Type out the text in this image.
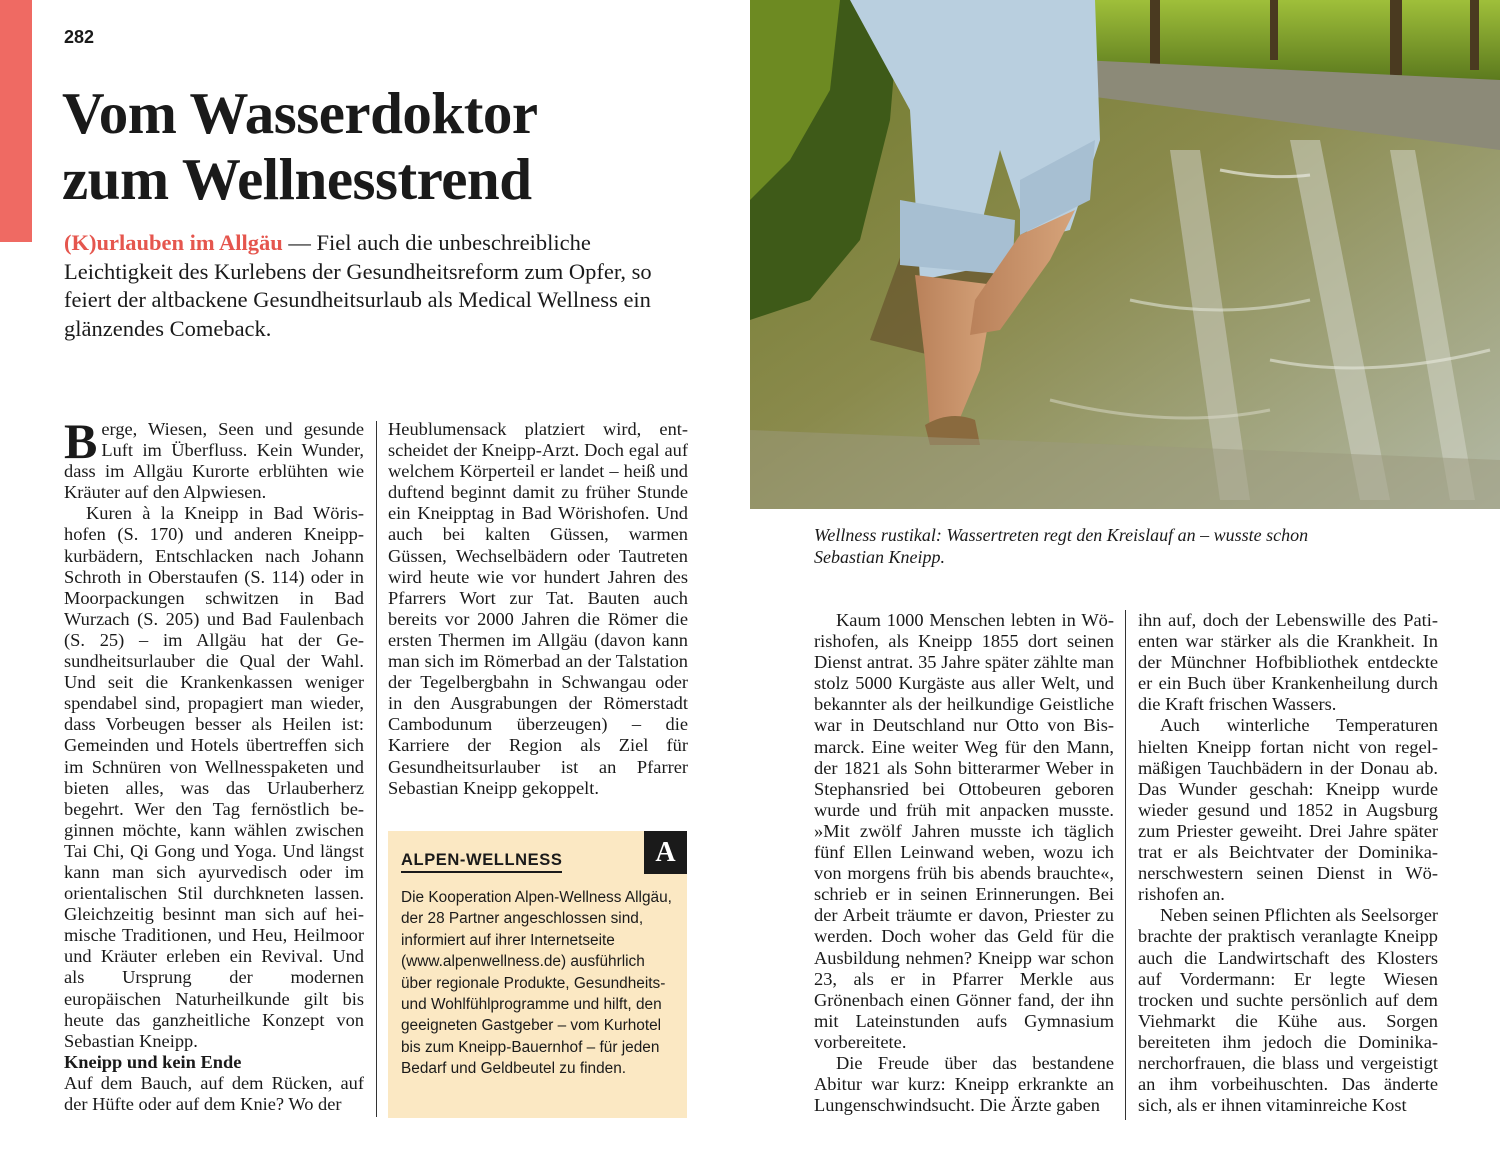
282
Vom Wasserdoktor
zum Wellnesstrend

(K)urlauben im Allgäu — Fiel auch die unbeschreibliche Leichtigkeit des Kurlebens der Gesundheitsreform zum Opfer, so feiert der altbackene Gesundheitsurlaub als Medical Wellness ein glänzendes Comeback.

Wellness rustikal: Wassertreten regt den Kreislauf an – wusste schon Sebastian Kneipp.

Berge, Wiesen, Seen und gesunde Luft im Überfluss. Kein Wunder, dass im Allgäu Kurorte erblühten wie Kräuter auf den Alpwiesen.

Kuren à la Kneipp in Bad Wörishofen (S. 170) und anderen Kneippkurbädern, Entschlacken nach Johann Schroth in Oberstaufen (S. 114) oder in Moorpackungen schwitzen in Bad Wurzach (S. 205) und Bad Faulenbach (S. 25) – im Allgäu hat der Gesundheitsurlauber die Qual der Wahl. Und seit die Krankenkassen weniger spendabel sind, propagiert man wieder, dass Vorbeugen besser als Heilen ist: Gemeinden und Hotels übertreffen sich im Schnüren von Wellnesspaketen und bieten alles, was das Urlauberherz begehrt. Wer den Tag fernöstlich beginnen möchte, kann wählen zwischen Tai Chi, Qi Gong und Yoga. Und längst kann man sich ayurvedisch oder im orientalischen Stil durchkneten lassen. Gleichzeitig besinnt man sich auf heimische Traditionen, und Heu, Heilmoor und Kräuter erleben ein Revival. Und als Ursprung der modernen europäischen Naturheilkunde gilt bis heute das ganzheitliche Konzept von Sebastian Kneipp.

Kneipp und kein Ende

Auf dem Bauch, auf dem Rücken, auf der Hüfte oder auf dem Knie? Wo der

Heublumensack platziert wird, entscheidet der Kneipp-Arzt. Doch egal auf welchem Körperteil er landet – heiß und duftend beginnt damit zu früher Stunde ein Kneipptag in Bad Wörishofen. Und auch bei kalten Güssen, warmen Güssen, Wechselbädern oder Tautreten wird heute wie vor hundert Jahren des Pfarrers Wort zur Tat. Bauten auch bereits vor 2000 Jahren die Römer die ersten Thermen im Allgäu (davon kann man sich im Römerbad an der Talstation der Tegelbergbahn in Schwangau oder in den Ausgrabungen der Römerstadt Cambodunum überzeugen) – die Karriere der Region als Ziel für Gesundheitsurlauber ist an Pfarrer Sebastian Kneipp gekoppelt.

ALPEN-WELLNESS	A
Die Kooperation Alpen-Wellness Allgäu, der 28 Partner angeschlossen sind, informiert auf ihrer Internetseite (www.alpenwellness.de) ausführlich über regionale Produkte, Gesundheits- und Wohlfühlprogramme und hilft, den geeigneten Gastgeber – vom Kurhotel bis zum Kneipp-Bauernhof – für jeden Bedarf und Geldbeutel zu finden.

Kaum 1000 Menschen lebten in Wörishofen, als Kneipp 1855 dort seinen Dienst antrat. 35 Jahre später zählte man stolz 5000 Kurgäste aus aller Welt, und bekannter als der heilkundige Geistliche war in Deutschland nur Otto von Bismarck. Eine weiter Weg für den Mann, der 1821 als Sohn bitterarmer Weber in Stephansried bei Ottobeuren geboren wurde und früh mit anpacken musste. »Mit zwölf Jahren musste ich täglich fünf Ellen Leinwand weben, wozu ich von morgens früh bis abends brauchte«, schrieb er in seinen Erinnerungen. Bei der Arbeit träumte er davon, Priester zu werden. Doch woher das Geld für die Ausbildung nehmen? Kneipp war schon 23, als er in Pfarrer Merkle aus Grönenbach einen Gönner fand, der ihn mit Lateinstunden aufs Gymnasium vorbereitete.

Die Freude über das bestandene Abitur war kurz: Kneipp erkrankte an Lungenschwindsucht. Die Ärzte gaben

ihn auf, doch der Lebenswille des Patienten war stärker als die Krankheit. In der Münchner Hofbibliothek entdeckte er ein Buch über Krankenheilung durch die Kraft frischen Wassers.

Auch winterliche Temperaturen hielten Kneipp fortan nicht von regelmäßigen Tauchbädern in der Donau ab. Das Wunder geschah: Kneipp wurde wieder gesund und 1852 in Augsburg zum Priester geweiht. Drei Jahre später trat er als Beichtvater der Dominikanerschwestern seinen Dienst in Wörishofen an.

Neben seinen Pflichten als Seelsorger brachte der praktisch veranlagte Kneipp auch die Landwirtschaft des Klosters auf Vordermann: Er legte Wiesen trocken und suchte persönlich auf dem Viehmarkt die Kühe aus. Sorgen bereiteten ihm jedoch die Dominikanerchorfrauen, die blass und vergeistigt an ihm vorbeihuschten. Das änderte sich, als er ihnen vitaminreiche Kost
